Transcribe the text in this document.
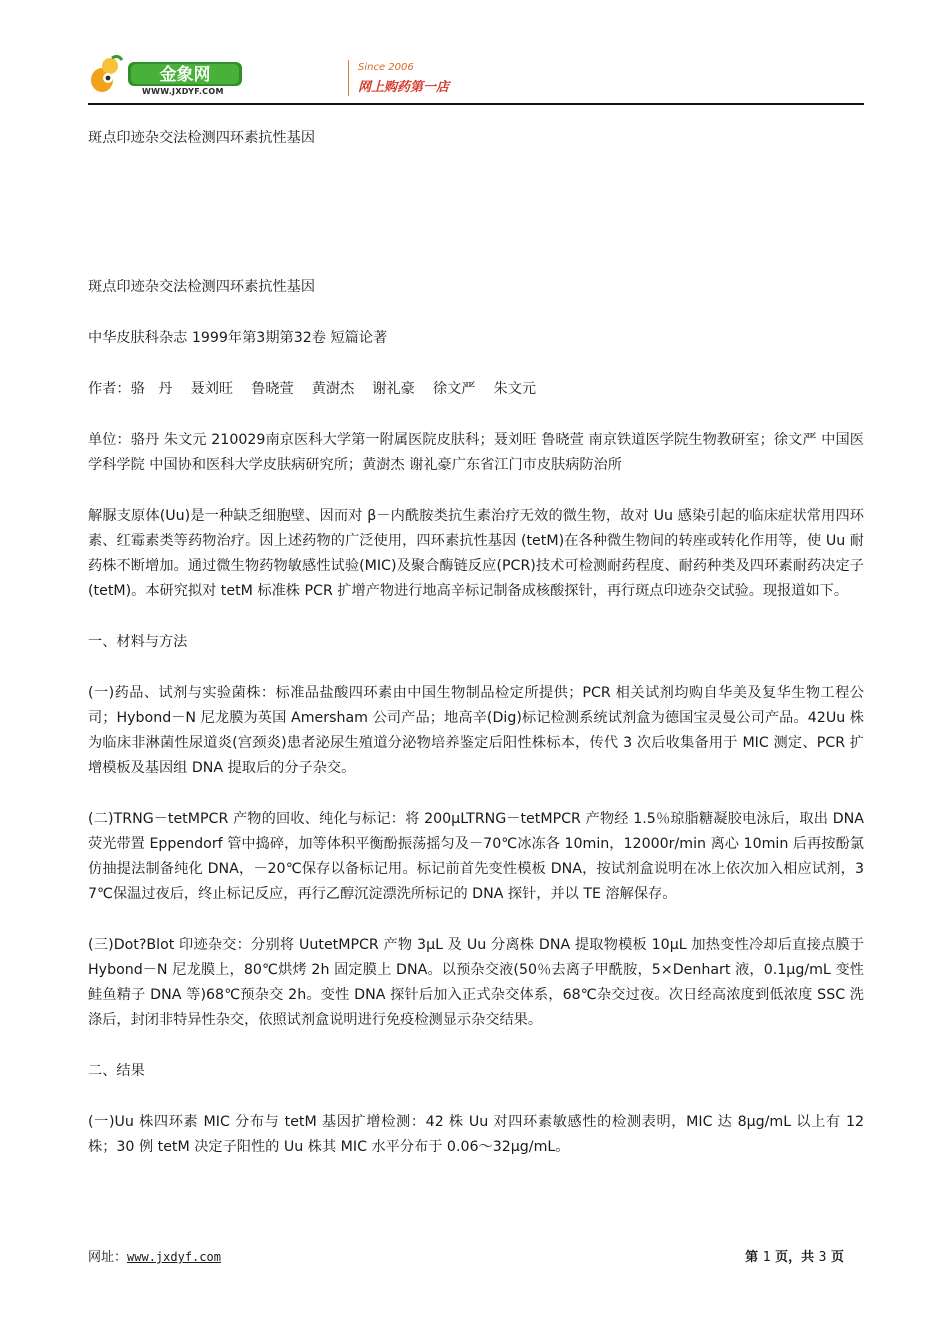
金象网
WWW.JXDYF.COM
Since 2006
网上购药第一店

斑点印迹杂交法检测四环素抗性基因

斑点印迹杂交法检测四环素抗性基因

中华皮肤科杂志 1999年第3期第32卷 短篇论著

作者：骆   丹    聂刘旺    鲁晓萱    黄澍杰    谢礼豪    徐文严    朱文元

单位：骆丹 朱文元 210029南京医科大学第一附属医院皮肤科；聂刘旺 鲁晓萱 南京铁道医学院生物教研室；徐文严 中国医学科学院 中国协和医科大学皮肤病研究所；黄澍杰 谢礼豪广东省江门市皮肤病防治所

解脲支原体(Uu)是一种缺乏细胞壁、因而对 β－内酰胺类抗生素治疗无效的微生物，故对 Uu 感染引起的临床症状常用四环素、红霉素类等药物治疗。因上述药物的广泛使用，四环素抗性基因 (tetM)在各种微生物间的转座或转化作用等，使 Uu 耐药株不断增加。通过微生物药物敏感性试验(MIC)及聚合酶链反应(PCR)技术可检测耐药程度、耐药种类及四环素耐药决定子(tetM)。本研究拟对 tetM 标准株 PCR 扩增产物进行地高辛标记制备成核酸探针，再行斑点印迹杂交试验。现报道如下。

一、材料与方法

(一)药品、试剂与实验菌株：标准品盐酸四环素由中国生物制品检定所提供；PCR 相关试剂均购自华美及复华生物工程公司；Hybond－N 尼龙膜为英国 Amersham 公司产品；地高辛(Dig)标记检测系统试剂盒为德国宝灵曼公司产品。42Uu 株为临床非淋菌性尿道炎(宫颈炎)患者泌尿生殖道分泌物培养鉴定后阳性株标本，传代 3 次后收集备用于 MIC 测定、PCR 扩增模板及基因组 DNA 提取后的分子杂交。

(二)TRNG－tetMPCR 产物的回收、纯化与标记：将 200μLTRNG－tetMPCR 产物经 1.5％琼脂糖凝胶电泳后，取出 DNA 荧光带置 Eppendorf 管中捣碎，加等体积平衡酚振荡摇匀及－70℃冰冻各 10min，12000r/min 离心 10min 后再按酚氯仿抽提法制备纯化 DNA，－20℃保存以备标记用。标记前首先变性模板 DNA，按试剂盒说明在冰上依次加入相应试剂，37℃保温过夜后，终止标记反应，再行乙醇沉淀漂洗所标记的 DNA 探针，并以 TE 溶解保存。

(三)Dot?Blot 印迹杂交：分别将 UutetMPCR 产物 3μL 及 Uu 分离株 DNA 提取物模板 10μL 加热变性冷却后直接点膜于 Hybond－N 尼龙膜上，80℃烘烤 2h 固定膜上 DNA。以预杂交液(50％去离子甲酰胺，5×Denhart 液，0.1μg/mL 变性鲑鱼精子 DNA 等)68℃预杂交 2h。变性 DNA 探针后加入正式杂交体系，68℃杂交过夜。次日经高浓度到低浓度 SSC 洗涤后，封闭非特异性杂交，依照试剂盒说明进行免疫检测显示杂交结果。

二、结果

(一)Uu 株四环素 MIC 分布与 tetM 基因扩增检测：42 株 Uu 对四环素敏感性的检测表明，MIC 达 8μg/mL 以上有 12 株；30 例 tetM 决定子阳性的 Uu 株其 MIC 水平分布于 0.06～32μg/mL。

网址：www.jxdyf.com	第 1 页，共 3 页
